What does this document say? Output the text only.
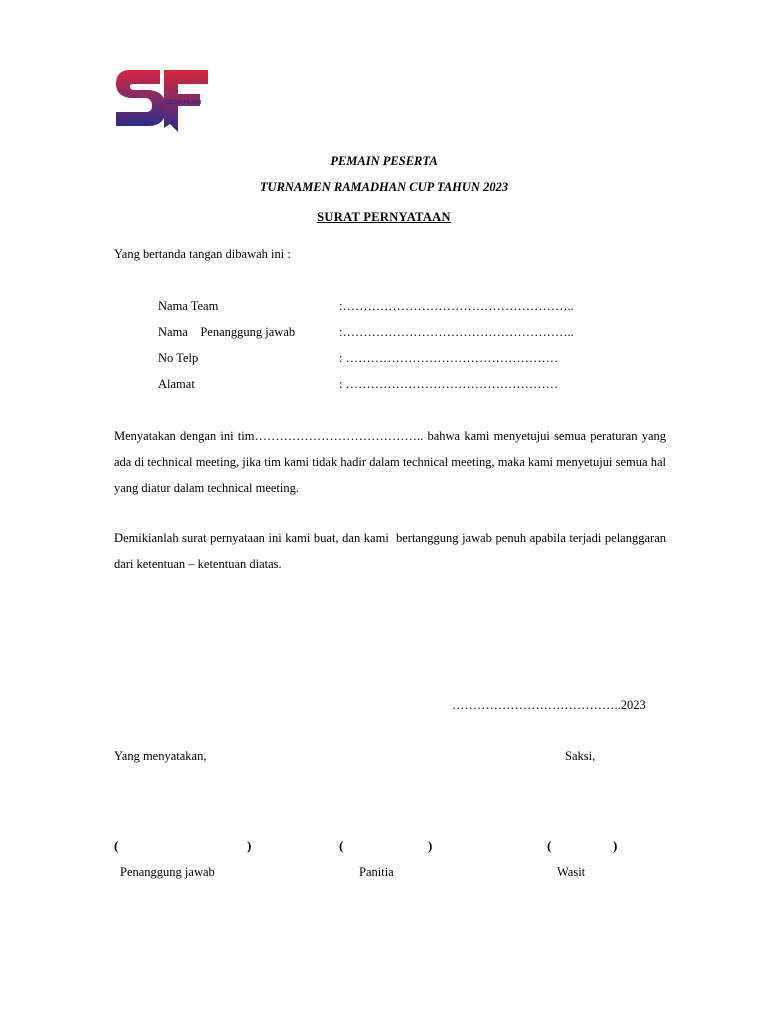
SEGO FAJAR
PEMAIN PESERTA
TURNAMEN RAMADHAN CUP TAHUN 2023
SURAT PERNYATAAN
Yang bertanda tangan dibawah ini :
Nama Team	:………………………………………………..
Nama    Penanggung jawab	:………………………………………………..
No Telp	: ……………………………………………
Alamat	: ……………………………………………
Menyatakan dengan ini tim………………………………….. bahwa kami menyetujui semua peraturan yang ada di technical meeting, jika tim kami tidak hadir dalam technical meeting, maka kami menyetujui semua hal yang diatur dalam technical meeting.
Demikianlah surat pernyataan ini kami buat, dan kami  bertanggung jawab penuh apabila terjadi pelanggaran dari ketentuan – ketentuan diatas.
…………………………………..2023
Yang menyatakan,	Saksi,
(	)	(	)	(	)
Penanggung jawab	Panitia	Wasit
